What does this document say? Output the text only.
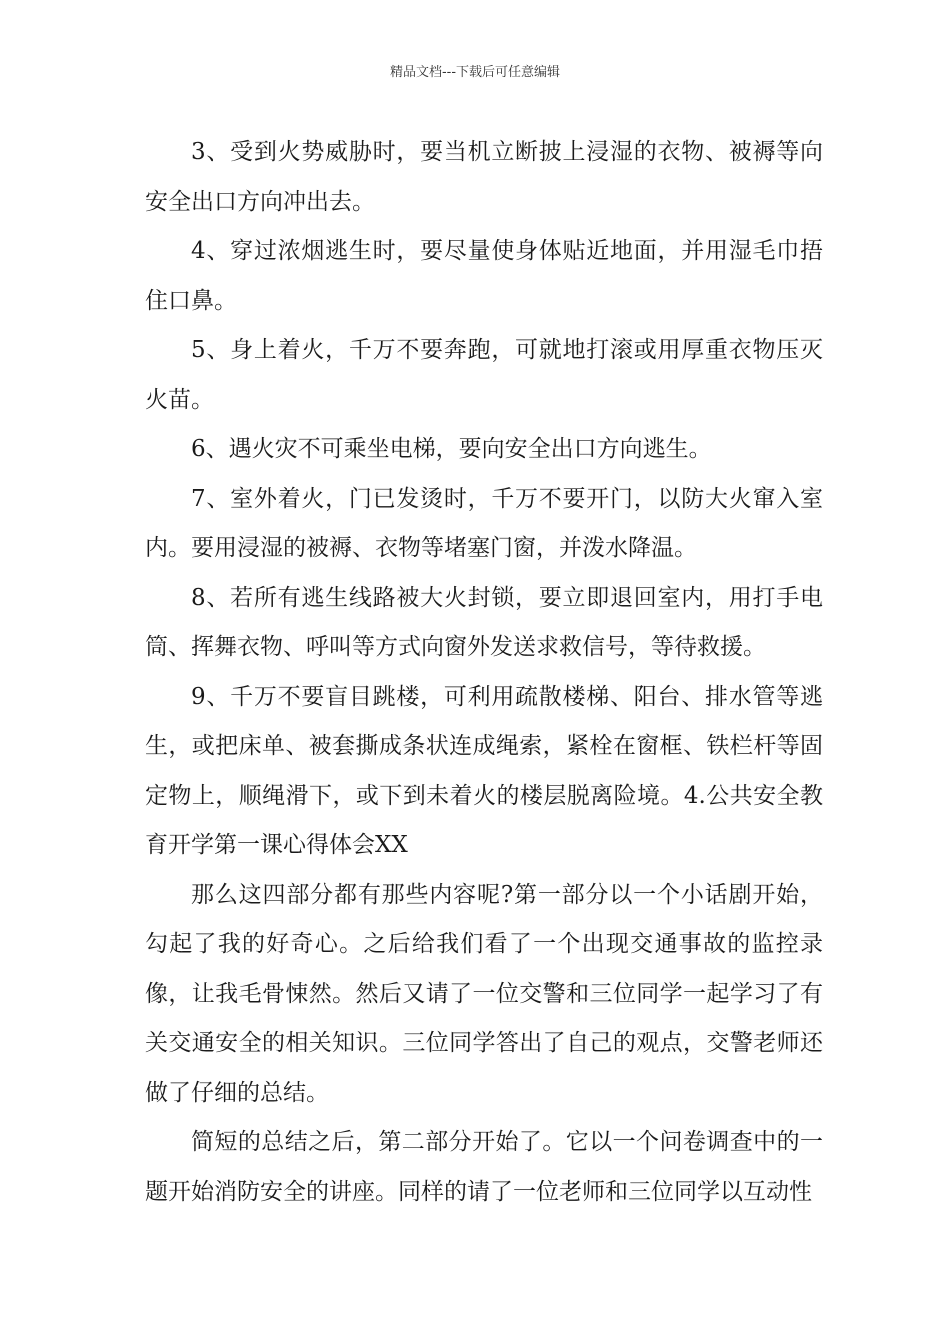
精品文档---下载后可任意编辑

3、受到火势威胁时，要当机立断披上浸湿的衣物、被褥等向安全出口方向冲出去。

4、穿过浓烟逃生时，要尽量使身体贴近地面，并用湿毛巾捂住口鼻。

5、身上着火，千万不要奔跑，可就地打滚或用厚重衣物压灭火苗。

6、遇火灾不可乘坐电梯，要向安全出口方向逃生。

7、室外着火，门已发烫时，千万不要开门，以防大火窜入室内。要用浸湿的被褥、衣物等堵塞门窗，并泼水降温。

8、若所有逃生线路被大火封锁，要立即退回室内，用打手电筒、挥舞衣物、呼叫等方式向窗外发送求救信号，等待救援。

9、千万不要盲目跳楼，可利用疏散楼梯、阳台、排水管等逃生，或把床单、被套撕成条状连成绳索，紧栓在窗框、铁栏杆等固定物上，顺绳滑下，或下到未着火的楼层脱离险境。4.公共安全教育开学第一课心得体会XX

那么这四部分都有那些内容呢?第一部分以一个小话剧开始，勾起了我的好奇心。之后给我们看了一个出现交通事故的监控录像，让我毛骨悚然。然后又请了一位交警和三位同学一起学习了有关交通安全的相关知识。三位同学答出了自己的观点，交警老师还做了仔细的总结。

简短的总结之后，第二部分开始了。它以一个问卷调查中的一题开始消防安全的讲座。同样的请了一位老师和三位同学以互动性
